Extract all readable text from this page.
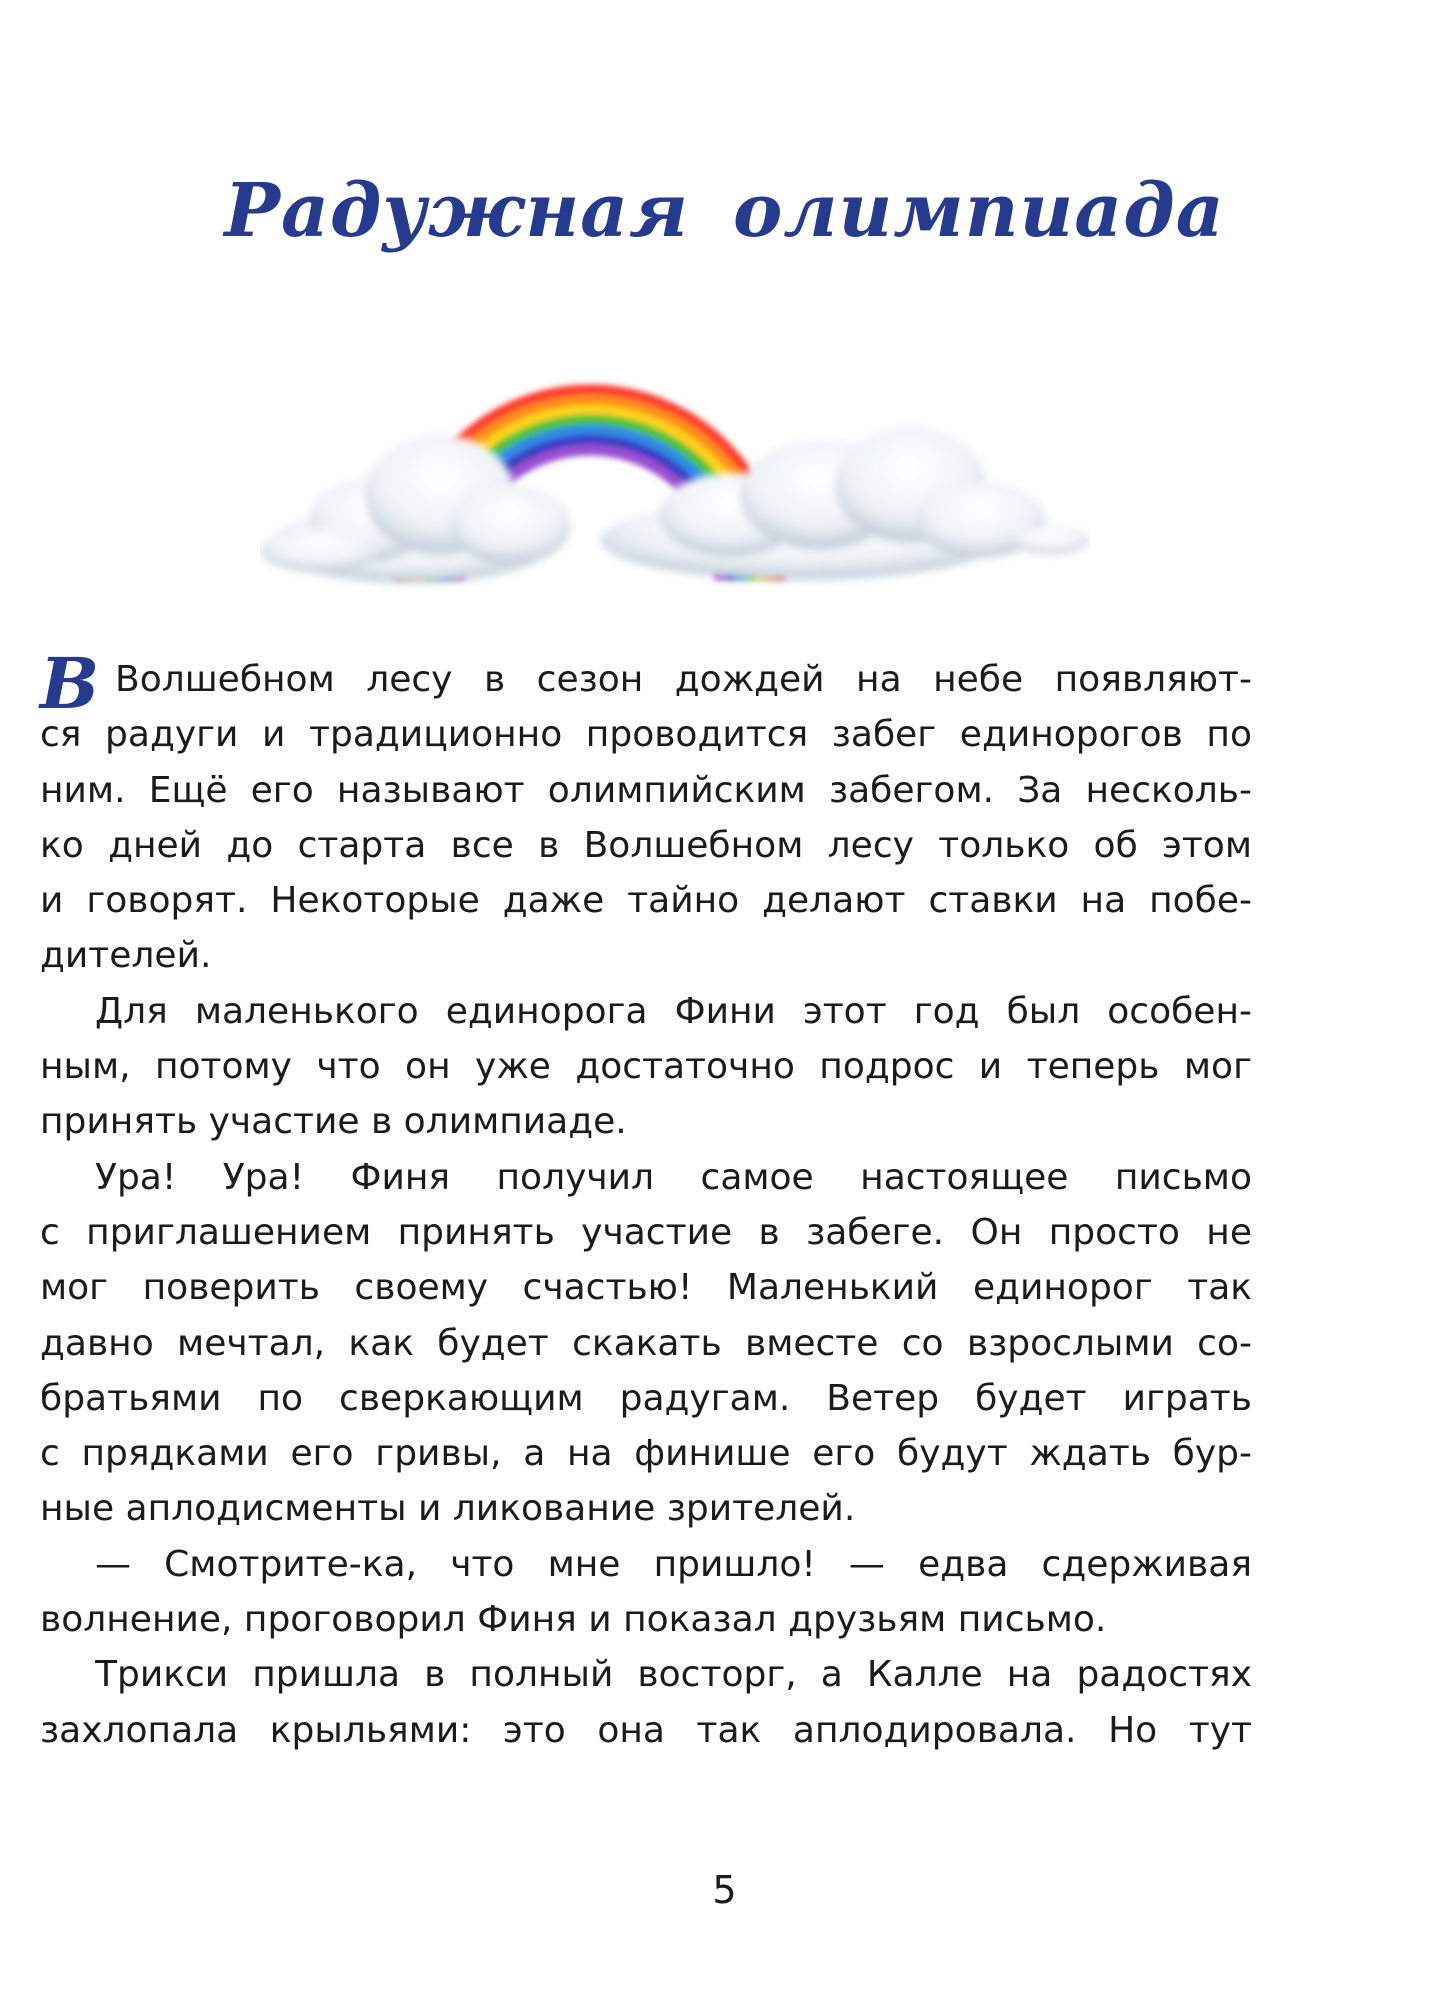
Радужная олимпиада
В Волшебном лесу в сезон дождей на небе появляют-
ся радуги и традиционно проводится забег единорогов по
ним. Ещё его называют олимпийским забегом. За несколь-
ко дней до старта все в Волшебном лесу только об этом
и говорят. Некоторые даже тайно делают ставки на побе-
дителей.
Для маленького единорога Фини этот год был особен-
ным, потому что он уже достаточно подрос и теперь мог
принять участие в олимпиаде.
Ура! Ура! Финя получил самое настоящее письмо
с приглашением принять участие в забеге. Он просто не
мог поверить своему счастью! Маленький единорог так
давно мечтал, как будет скакать вместе со взрослыми со-
братьями по сверкающим радугам. Ветер будет играть
с прядками его гривы, а на финише его будут ждать бур-
ные аплодисменты и ликование зрителей.
— Смотрите-ка, что мне пришло! — едва сдерживая
волнение, проговорил Финя и показал друзьям письмо.
Трикси пришла в полный восторг, а Калле на радостях
захлопала крыльями: это она так аплодировала. Но тут
5
